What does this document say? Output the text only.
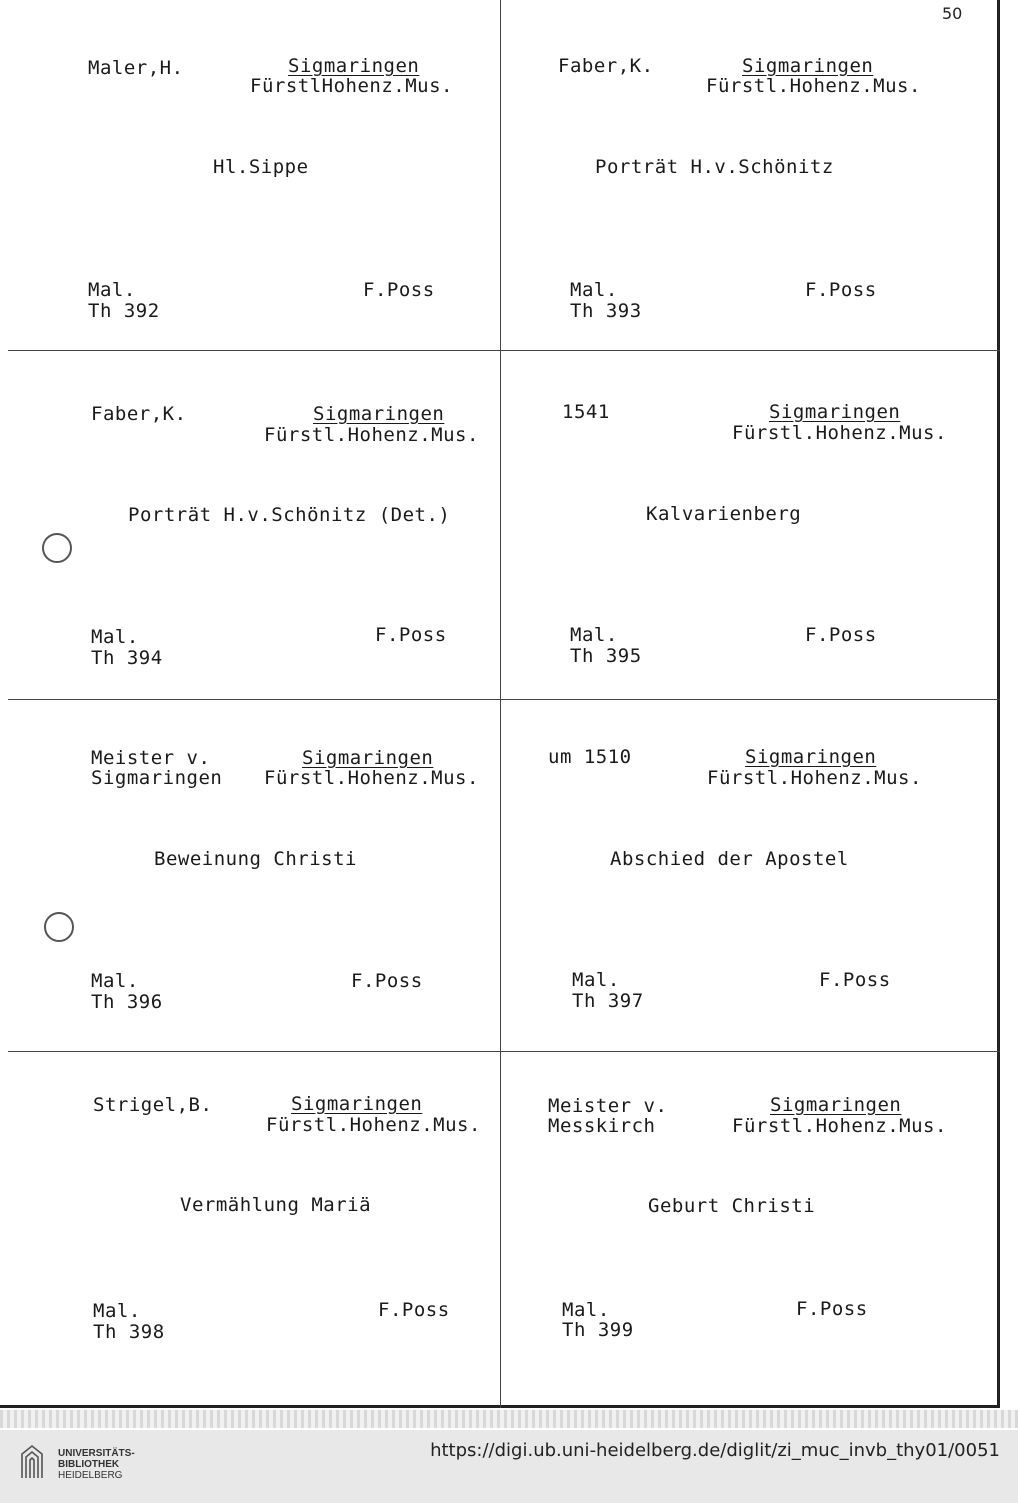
50
Maler,H.	Sigmaringen
FürstlHohenz.Mus.
Hl.Sippe
Mal.	F.Poss
Th 392
Faber,K.	Sigmaringen
Fürstl.Hohenz.Mus.
Porträt H.v.Schönitz
Mal.	F.Poss
Th 393
Faber,K.	Sigmaringen
Fürstl.Hohenz.Mus.
Porträt H.v.Schönitz (Det.)
Mal.	F.Poss
Th 394
1541	Sigmaringen
Fürstl.Hohenz.Mus.
Kalvarienberg
Mal.	F.Poss
Th 395
Meister v.
Sigmaringen
Sigmaringen
Fürstl.Hohenz.Mus.
Beweinung Christi
Mal.	F.Poss
Th 396
um 1510	Sigmaringen
Fürstl.Hohenz.Mus.
Abschied der Apostel
Mal.	F.Poss
Th 397
Strigel,B.	Sigmaringen
Fürstl.Hohenz.Mus.
Vermählung Mariä
Mal.	F.Poss
Th 398
Meister v.
Messkirch
Sigmaringen
Fürstl.Hohenz.Mus.
Geburt Christi
Mal.	F.Poss
Th 399
UNIVERSITÄTS-
BIBLIOTHEK
HEIDELBERG
https://digi.ub.uni-heidelberg.de/diglit/zi_muc_invb_thy01/0051
